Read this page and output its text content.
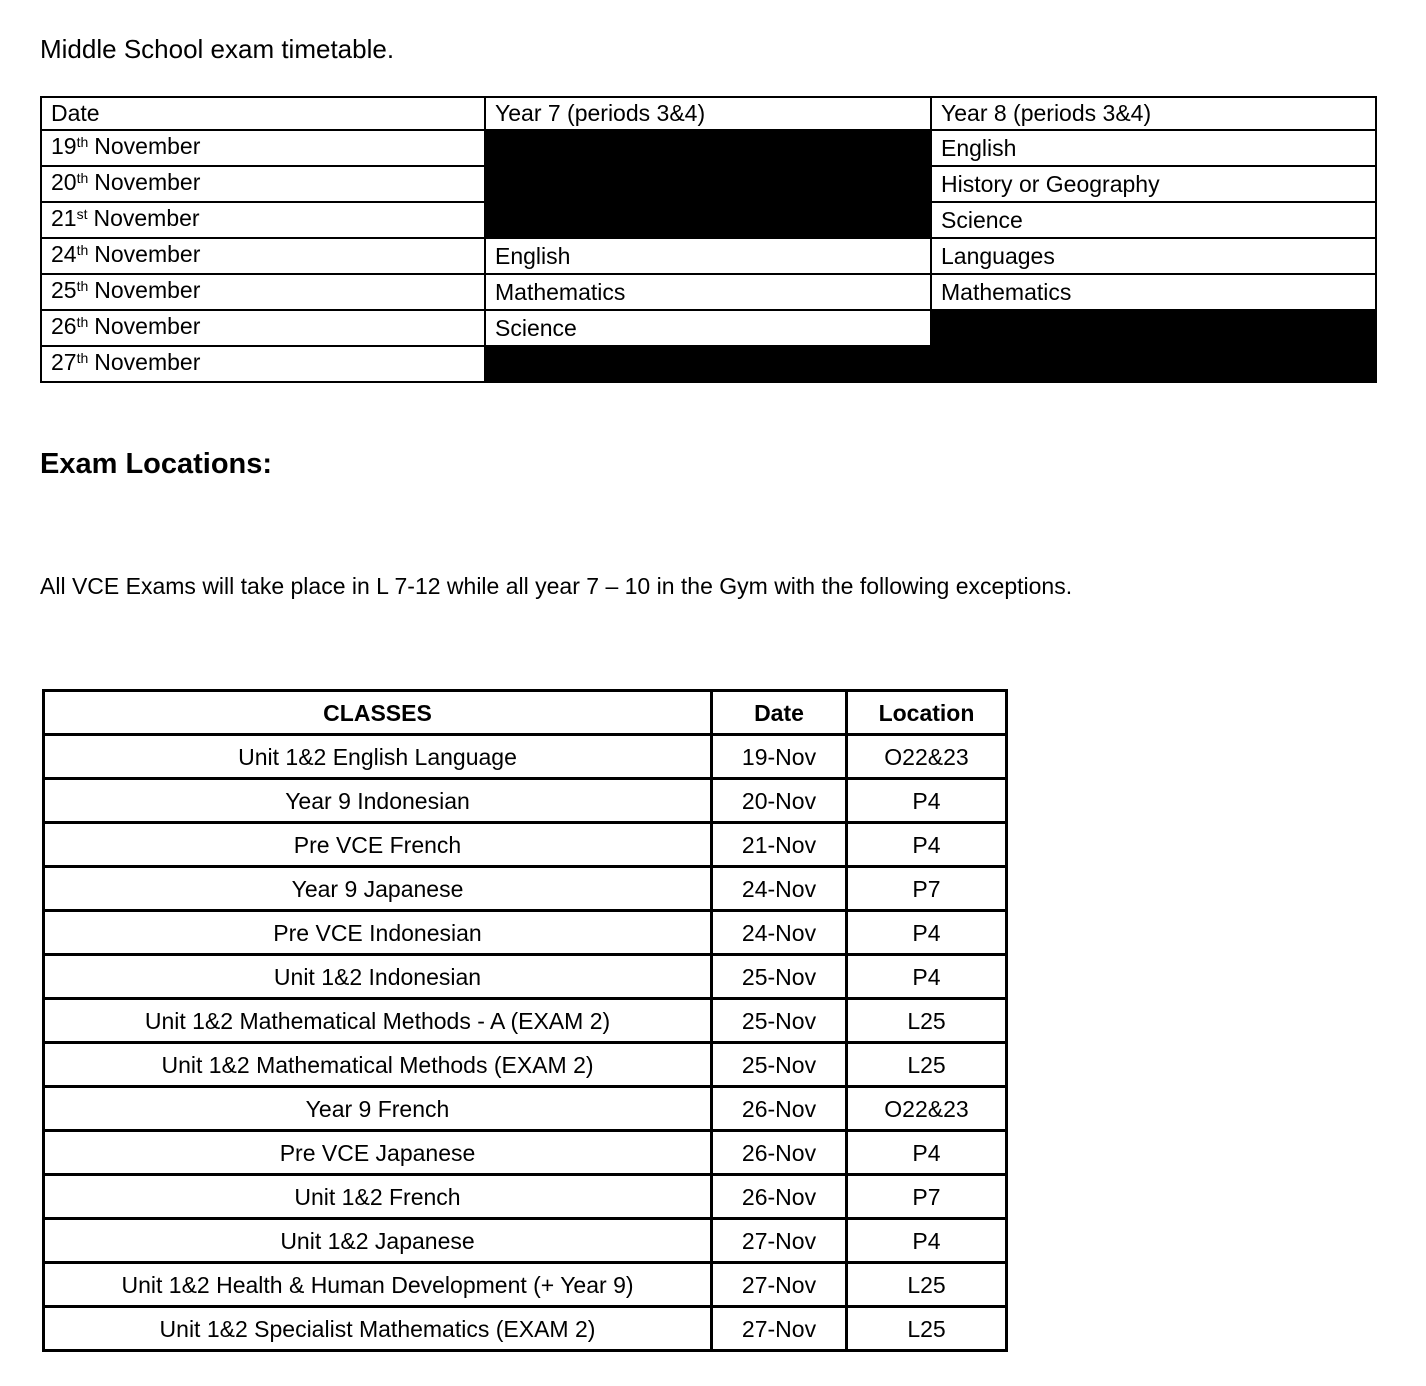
Middle School exam timetable.
Date	Year 7 (periods 3&4)	Year 8 (periods 3&4)
19th November		English
20th November		History or Geography
21st November		Science
24th November	English	Languages
25th November	Mathematics	Mathematics
26th November	Science	
27th November		
Exam Locations:
All VCE Exams will take place in L 7-12 while all year 7 – 10 in the Gym with the following exceptions.
CLASSES	Date	Location
Unit 1&2 English Language	19-Nov	O22&23
Year 9 Indonesian	20-Nov	P4
Pre VCE French	21-Nov	P4
Year 9 Japanese	24-Nov	P7
Pre VCE Indonesian	24-Nov	P4
Unit 1&2 Indonesian	25-Nov	P4
Unit 1&2 Mathematical Methods - A (EXAM 2)	25-Nov	L25
Unit 1&2 Mathematical Methods (EXAM 2)	25-Nov	L25
Year 9 French	26-Nov	O22&23
Pre VCE Japanese	26-Nov	P4
Unit 1&2 French	26-Nov	P7
Unit 1&2 Japanese	27-Nov	P4
Unit 1&2 Health & Human Development (+ Year 9)	27-Nov	L25
Unit 1&2 Specialist Mathematics (EXAM 2)	27-Nov	L25
